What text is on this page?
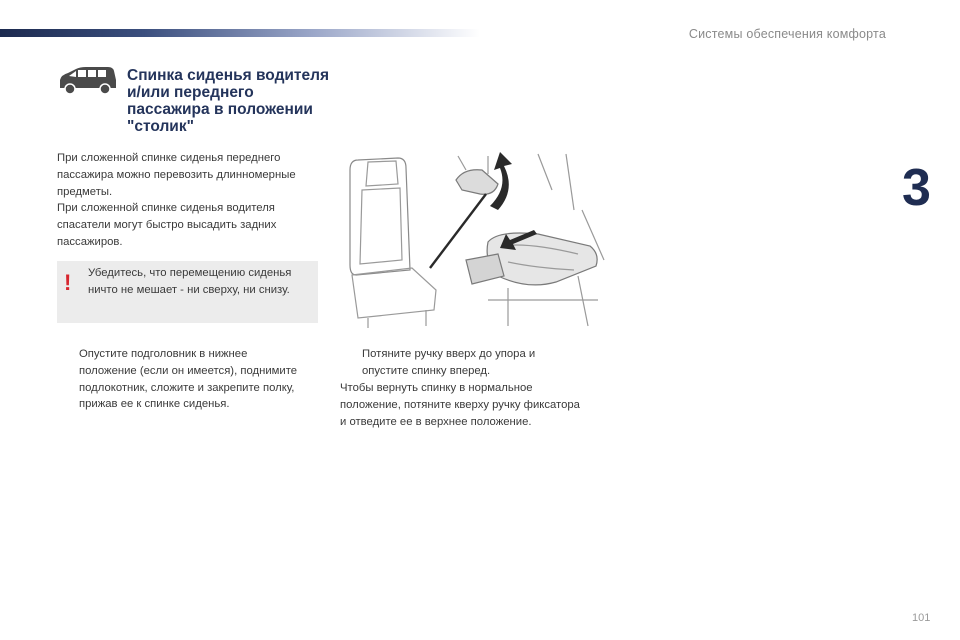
Системы обеспечения комфорта
3
Спинка сиденья водителя и/или переднего пассажира в положении "столик"

При сложенной спинке сиденья переднего пассажира можно перевозить длинномерные предметы.

При сложенной спинке сиденья водителя спасатели могут быстро высадить задних пассажиров.

! Убедитесь, что перемещению сиденья ничто не мешает - ни сверху, ни снизу.
Опустите подголовник в нижнее положение (если он имеется), поднимите подлокотник, сложите и закрепите полку, прижав ее к спинке сиденья.
Потяните ручку вверх до упора и опустите спинку вперед.
Чтобы вернуть спинку в нормальное положение, потяните кверху ручку фиксатора и отведите ее в верхнее положение.
101
